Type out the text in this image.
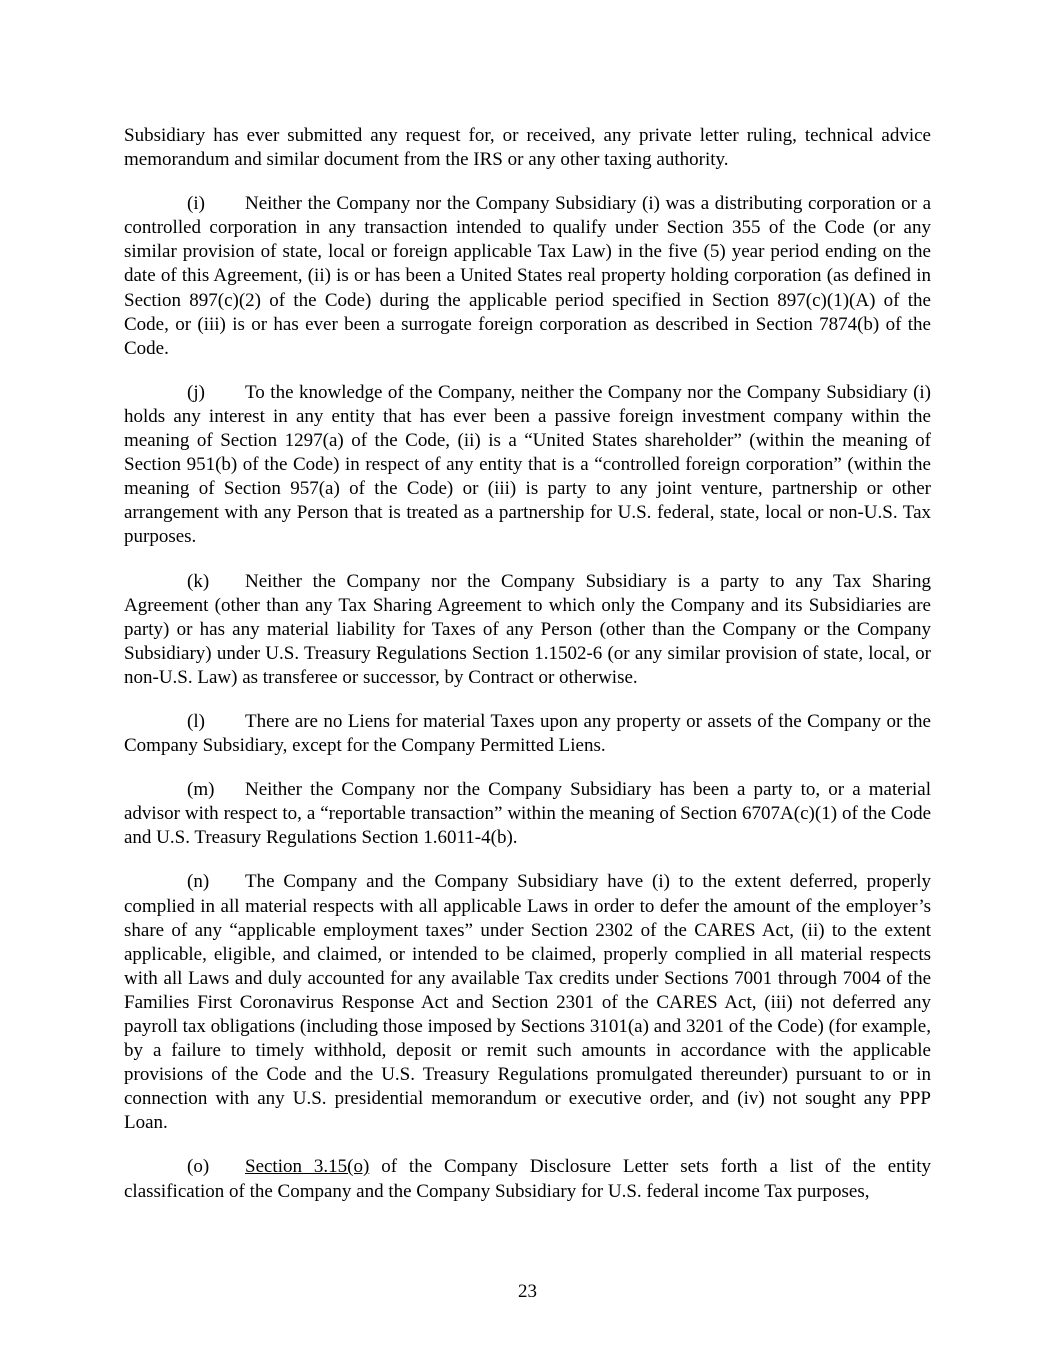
Subsidiary has ever submitted any request for, or received, any private letter ruling, technical advice memorandum and similar document from the IRS or any other taxing authority.

(i) Neither the Company nor the Company Subsidiary (i) was a distributing corporation or a controlled corporation in any transaction intended to qualify under Section 355 of the Code (or any similar provision of state, local or foreign applicable Tax Law) in the five (5) year period ending on the date of this Agreement, (ii) is or has been a United States real property holding corporation (as defined in Section 897(c)(2) of the Code) during the applicable period specified in Section 897(c)(1)(A) of the Code, or (iii) is or has ever been a surrogate foreign corporation as described in Section 7874(b) of the Code.

(j) To the knowledge of the Company, neither the Company nor the Company Subsidiary (i) holds any interest in any entity that has ever been a passive foreign investment company within the meaning of Section 1297(a) of the Code, (ii) is a “United States shareholder” (within the meaning of Section 951(b) of the Code) in respect of any entity that is a “controlled foreign corporation” (within the meaning of Section 957(a) of the Code) or (iii) is party to any joint venture, partnership or other arrangement with any Person that is treated as a partnership for U.S. federal, state, local or non-U.S. Tax purposes.

(k) Neither the Company nor the Company Subsidiary is a party to any Tax Sharing Agreement (other than any Tax Sharing Agreement to which only the Company and its Subsidiaries are party) or has any material liability for Taxes of any Person (other than the Company or the Company Subsidiary) under U.S. Treasury Regulations Section 1.1502-6 (or any similar provision of state, local, or non-U.S. Law) as transferee or successor, by Contract or otherwise.

(l) There are no Liens for material Taxes upon any property or assets of the Company or the Company Subsidiary, except for the Company Permitted Liens.

(m) Neither the Company nor the Company Subsidiary has been a party to, or a material advisor with respect to, a “reportable transaction” within the meaning of Section 6707A(c)(1) of the Code and U.S. Treasury Regulations Section 1.6011-4(b).

(n) The Company and the Company Subsidiary have (i) to the extent deferred, properly complied in all material respects with all applicable Laws in order to defer the amount of the employer’s share of any “applicable employment taxes” under Section 2302 of the CARES Act, (ii) to the extent applicable, eligible, and claimed, or intended to be claimed, properly complied in all material respects with all Laws and duly accounted for any available Tax credits under Sections 7001 through 7004 of the Families First Coronavirus Response Act and Section 2301 of the CARES Act, (iii) not deferred any payroll tax obligations (including those imposed by Sections 3101(a) and 3201 of the Code) (for example, by a failure to timely withhold, deposit or remit such amounts in accordance with the applicable provisions of the Code and the U.S. Treasury Regulations promulgated thereunder) pursuant to or in connection with any U.S. presidential memorandum or executive order, and (iv) not sought any PPP Loan.

(o) Section 3.15(o) of the Company Disclosure Letter sets forth a list of the entity classification of the Company and the Company Subsidiary for U.S. federal income Tax purposes,

23
